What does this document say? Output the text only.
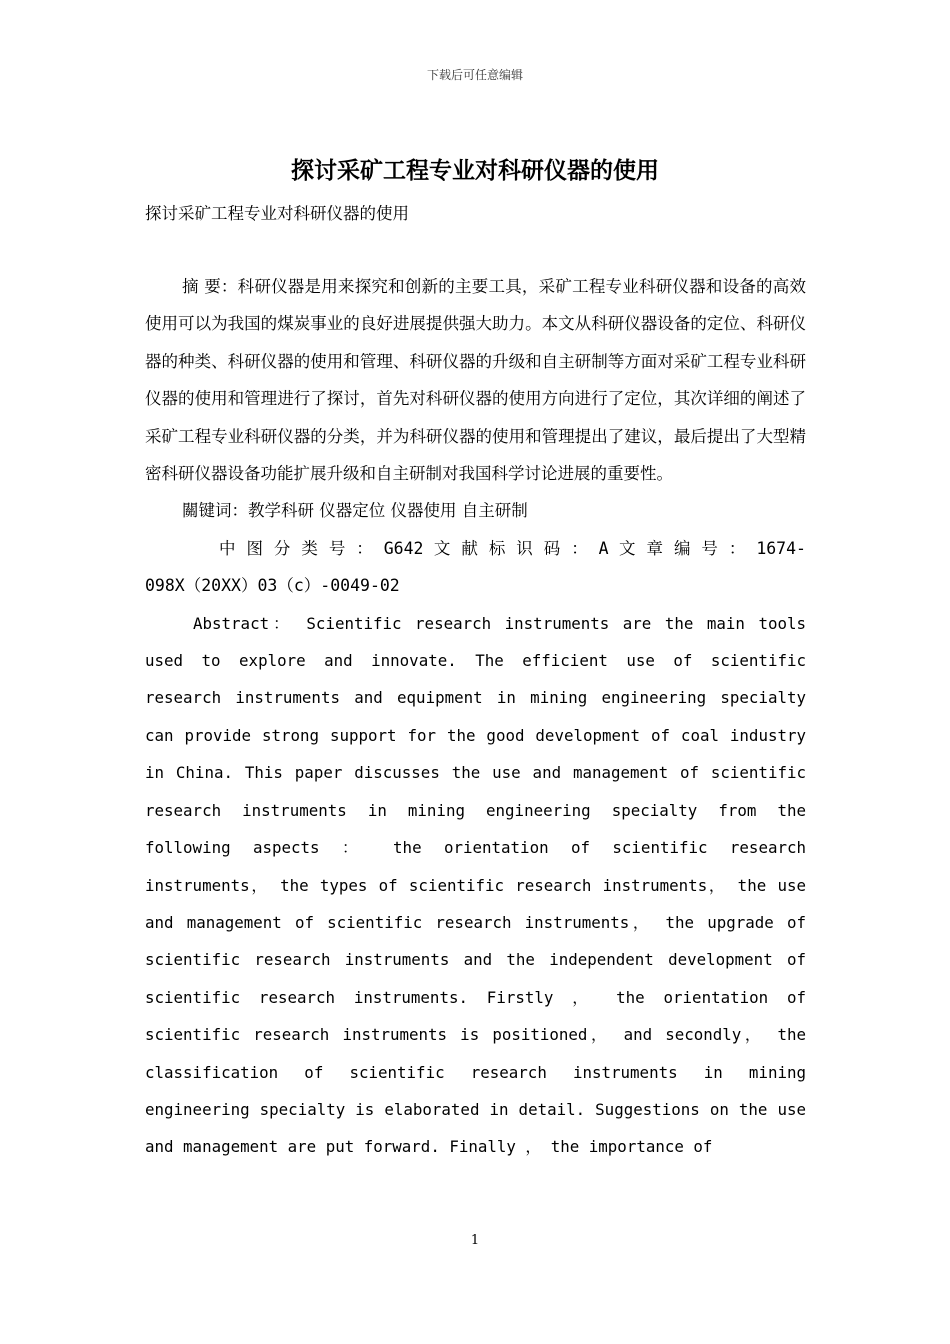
下载后可任意编辑
探讨采矿工程专业对科研仪器的使用
探讨采矿工程专业对科研仪器的使用

摘 要：科研仪器是用来探究和创新的主要工具，采矿工程专业科研仪器和设备的高效使用可以为我国的煤炭事业的良好进展提供强大助力。本文从科研仪器设备的定位、科研仪器的种类、科研仪器的使用和管理、科研仪器的升级和自主研制等方面对采矿工程专业科研仪器的使用和管理进行了探讨，首先对科研仪器的使用方向进行了定位，其次详细的阐述了采矿工程专业科研仪器的分类，并为科研仪器的使用和管理提出了建议，最后提出了大型精密科研仪器设备功能扩展升级和自主研制对我国科学讨论进展的重要性。

關键词：教学科研 仪器定位 仪器使用 自主研制

中 图 分 类 号 ： G642 文 献 标 识 码 ： A 文 章 编 号 ： 1674-098X（20XX）03（c）-0049-02

Abstract： Scientific research instruments are the main tools used to explore and innovate. The efficient use of scientific research instruments and equipment in mining engineering specialty can provide strong support for the good development of coal industry in China. This paper discusses the use and management of scientific research instruments in mining engineering specialty from the following aspects ： the orientation of scientific research instruments， the types of scientific research instruments， the use and management of scientific research instruments， the upgrade of scientific research instruments and the independent development of scientific research instruments. Firstly ， the orientation of scientific research instruments is positioned， and secondly， the classification of scientific research instruments in mining engineering specialty is elaborated in detail. Suggestions on the use and management are put forward. Finally ， the importance of

1
